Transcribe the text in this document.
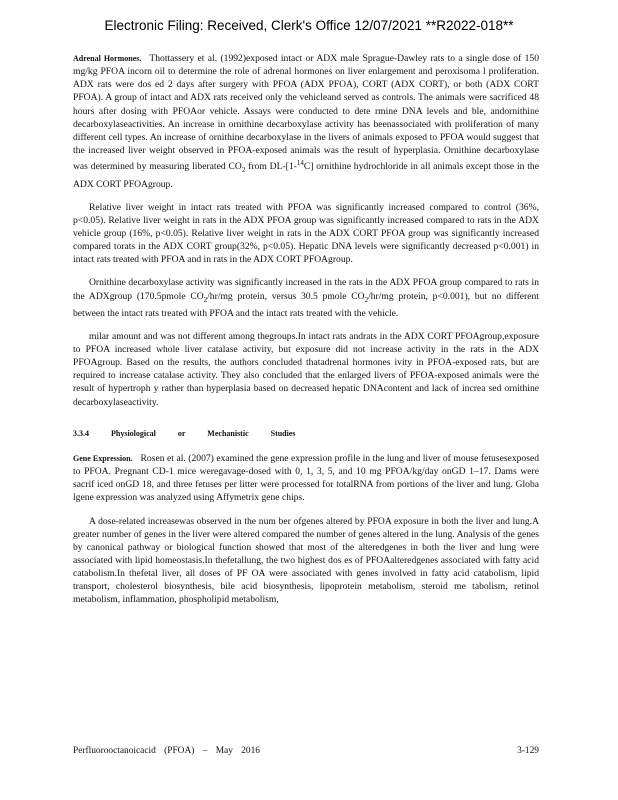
Electronic Filing: Received, Clerk's Office 12/07/2021 **R2022-018**

Adrenal Hormones. Thottassery et al. (1992)exposed intact or ADX male Sprague-Dawley rats to a single dose of 150 mg/kg PFOA incorn oil to determine the role of adrenal hormones on liver enlargement and peroxisoma l proliferation. ADX rats were dos ed 2 days after surgery with PFOA (ADX PFOA), CORT (ADX CORT), or both (ADX CORT PFOA). A group of intact and ADX rats received only the vehicleand served as controls. The animals were sacrificed 48 hours after dosing with PFOAor vehicle. Assays were conducted to dete rmine DNA levels and ble, andornithine decarboxylaseactivities. An increase in ornithine decarboxylase activity has beenassociated with proliferation of many different cell types. An increase of ornithine decarboxylase in the livers of animals exposed to PFOA would suggest that the increased liver weight observed in PFOA-exposed animals was the result of hyperplasia. Ornithine decarboxylase was determined by measuring liberated $CO_2$ from DL-[1-$^{14}$C] ornithine hydrochloride in all animals except those in the ADX CORT PFOAgroup.

Relative liver weight in intact rats treated with PFOA was significantly increased compared to control (36%, p<0.05). Relative liver weight in rats in the ADX PFOA group was significantly increased compared to rats in the ADX vehicle group (16%, p<0.05). Relative liver weight in rats in the ADX CORT PFOA group was significantly increased compared torats in the ADX CORT group(32%, p<0.05). Hepatic DNA levels were significantly decreased p<0.001) in intact rats treated with PFOA and in rats in the ADX CORT PFOAgroup.

Ornithine decarboxylase activity was significantly increased in the rats in the ADX PFOA group compared to rats in the ADXgroup (170.5pmole $CO_2/hr/mg$ protein, versus 30.5 pmole $CO_2/hr/mg$ protein, p<0.001), but no different between the intact rats treated with PFOA and the intact rats treated with the vehicle.

milar amount and was not different among thegroups.In intact rats andrats in the ADX CORT PFOAgroup,exposure to PFOA increased whole liver catalase activity, but exposure did not increase activity in the rats in the ADX PFOAgroup. Based on the results, the authors concluded thatadrenal hormones ivity in PFOA-exposed rats, but are required to increase catalase activity. They also concluded that the enlarged livers of PFOA-exposed animals were the result of hypertroph y rather than hyperplasia based on decreased hepatic DNAcontent and lack of increa sed ornithine decarboxylaseactivity.

3.3.4	Physiological or Mechanistic Studies

Gene Expression. Rosen et al. (2007) examined the gene expression profile in the lung and liver of mouse fetusesexposed to PFOA. Pregnant CD-1 mice weregavage-dosed with 0, 1, 3, 5, and 10 mg PFOA/kg/day onGD 1–17. Dams were sacrif iced onGD 18, and three fetuses per litter were processed for totalRNA from portions of the liver and lung. Globa lgene expression was analyzed using Affymetrix gene chips.

A dose-related increasewas observed in the num ber ofgenes altered by PFOA exposure in both the liver and lung.A greater number of genes in the liver were altered compared the number of genes altered in the lung. Analysis of the genes by canonical pathway or biological function showed that most of the alteredgenes in both the liver and lung were associated with lipid homeostasis.In thefetallung, the two highest dos es of PFOAalteredgenes associated with fatty acid catabolism.In thefetal liver, all doses of PF OA were associated with genes involved in fatty acid catabolism, lipid transport, cholesterol biosynthesis, bile acid biosynthesis, lipoprotein metabolism, steroid me tabolism, retinol metabolism, inflammation, phospholipid metabolism,

Perfluorooctanoicacid (PFOA) – May 2016	3-129
